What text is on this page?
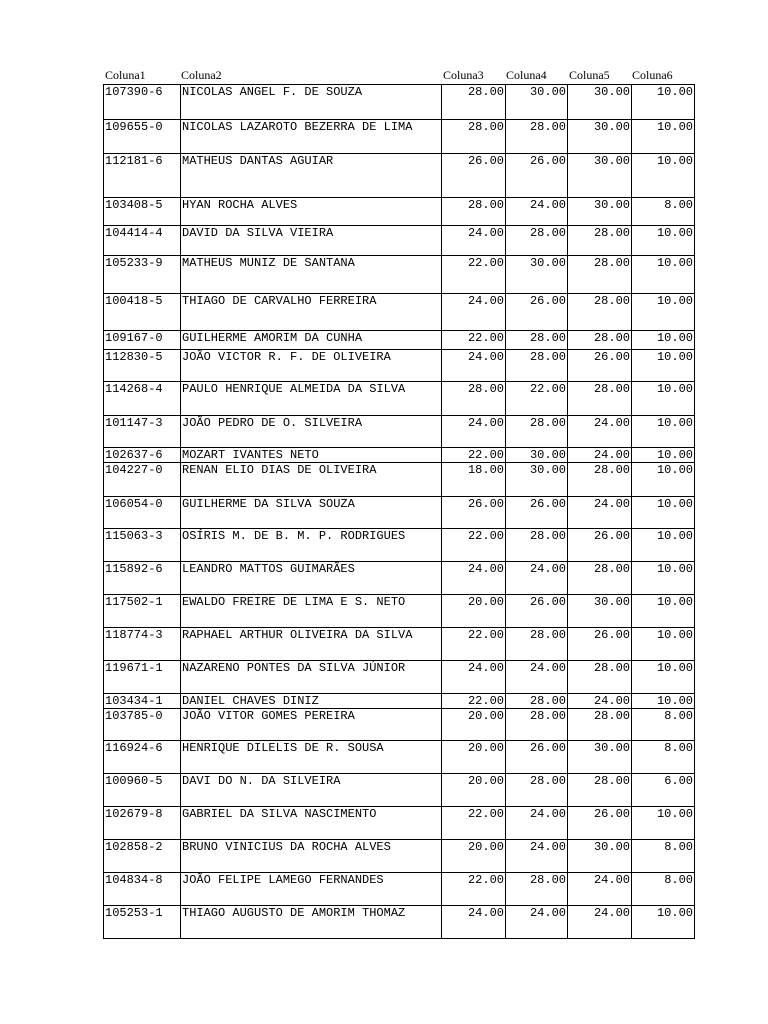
Coluna1	Coluna2	Coluna3 Coluna4 Coluna5 Coluna6
107390-6	NICOLAS ANGEL F. DE SOUZA	28.00	30.00	30.00	10.00
109655-0	NICOLAS LAZAROTO BEZERRA DE LIMA	28.00	28.00	30.00	10.00
112181-6	MATHEUS DANTAS AGUIAR	26.00	26.00	30.00	10.00
103408-5	HYAN ROCHA ALVES	28.00	24.00	30.00	8.00
104414-4	DAVID DA SILVA VIEIRA	24.00	28.00	28.00	10.00
105233-9	MATHEUS MUNIZ DE SANTANA	22.00	30.00	28.00	10.00
100418-5	THIAGO DE CARVALHO FERREIRA	24.00	26.00	28.00	10.00
109167-0	GUILHERME AMORIM DA CUNHA	22.00	28.00	28.00	10.00
112830-5	JOÃO VICTOR R. F. DE OLIVEIRA	24.00	28.00	26.00	10.00
114268-4	PAULO HENRIQUE ALMEIDA DA SILVA	28.00	22.00	28.00	10.00
101147-3	JOÃO PEDRO DE O. SILVEIRA	24.00	28.00	24.00	10.00
102637-6	MOZART IVANTES NETO	22.00	30.00	24.00	10.00
104227-0	RENAN ELIO DIAS DE OLIVEIRA	18.00	30.00	28.00	10.00
106054-0	GUILHERME DA SILVA SOUZA	26.00	26.00	24.00	10.00
115063-3	OSÍRIS M. DE B. M. P. RODRIGUES	22.00	28.00	26.00	10.00
115892-6	LEANDRO MATTOS GUIMARÃES	24.00	24.00	28.00	10.00
117502-1	EWALDO FREIRE DE LIMA E S. NETO	20.00	26.00	30.00	10.00
118774-3	RAPHAEL ARTHUR OLIVEIRA DA SILVA	22.00	28.00	26.00	10.00
119671-1	NAZARENO PONTES DA SILVA JÚNIOR	24.00	24.00	28.00	10.00
103434-1	DANIEL CHAVES DINIZ	22.00	28.00	24.00	10.00
103785-0	JOÃO VITOR GOMES PEREIRA	20.00	28.00	28.00	8.00
116924-6	HENRIQUE DILELIS DE R. SOUSA	20.00	26.00	30.00	8.00
100960-5	DAVI DO N. DA SILVEIRA	20.00	28.00	28.00	6.00
102679-8	GABRIEL DA SILVA NASCIMENTO	22.00	24.00	26.00	10.00
102858-2	BRUNO VINICIUS DA ROCHA ALVES	20.00	24.00	30.00	8.00
104834-8	JOÃO FELIPE LAMEGO FERNANDES	22.00	28.00	24.00	8.00
105253-1	THIAGO AUGUSTO DE AMORIM THOMAZ	24.00	24.00	24.00	10.00
